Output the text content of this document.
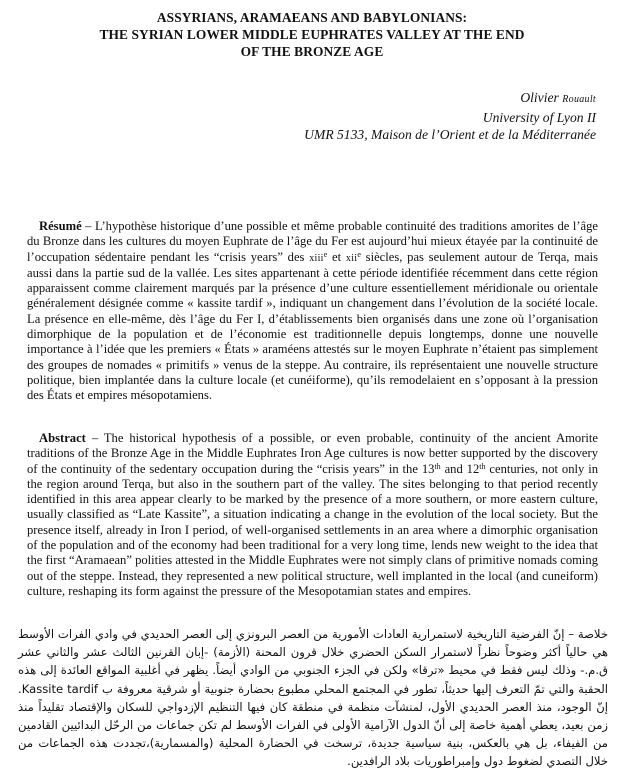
ASSYRIANS, ARAMAEANS AND BABYLONIANS:
THE SYRIAN LOWER MIDDLE EUPHRATES VALLEY AT THE END
OF THE BRONZE AGE
Olivier Rouault
University of Lyon II
UMR 5133, Maison de l’Orient et de la Méditerranée

Résumé – L’hypothèse historique d’une possible et même probable continuité des traditions amorites de l’âge du Bronze dans les cultures du moyen Euphrate de l’âge du Fer est aujourd’hui mieux étayée par la continuité de l’occupation sédentaire pendant les “crisis years” des xiii$^e$ et xii$^e$ siècles, pas seulement autour de Terqa, mais aussi dans la partie sud de la vallée. Les sites appartenant à cette période identifiée récemment dans cette région apparaissent comme clairement marqués par la présence d’une culture essentiellement méridionale ou orientale généralement désignée comme « kassite tardif », indiquant un changement dans l’évolution de la société locale. La présence en elle-même, dès l’âge du Fer I, d’établissements bien organisés dans une zone où l’organisation dimorphique de la population et de l’économie est traditionnelle depuis longtemps, donne une nouvelle importance à l’idée que les premiers « États » araméens attestés sur le moyen Euphrate n’étaient pas simplement des groupes de nomades « primitifs » venus de la steppe. Au contraire, ils représentaient une nouvelle structure politique, bien implantée dans la culture locale (et cunéiforme), qu’ils remodelaient en s’opposant à la pression des États et empires mésopotamiens.

Abstract – The historical hypothesis of a possible, or even probable, continuity of the ancient Amorite traditions of the Bronze Age in the Middle Euphrates Iron Age cultures is now better supported by the discovery of the continuity of the sedentary occupation during the “crisis years” in the 13th and 12th centuries, not only in the region around Terqa, but also in the southern part of the valley. The sites belonging to that period recently identified in this area appear clearly to be marked by the presence of a more southern, or more eastern culture, usually classified as “Late Kassite”, a situation indicating a change in the evolution of the local society. But the presence itself, already in Iron I period, of well-organised settlements in an area where a dimorphic organisation of the population and of the economy had been traditional for a very long time, lends new weight to the idea that the first “Aramaean” polities attested in the Middle Euphrates were not simply clans of primitive nomads coming out of the steppe. Instead, they represented a new political structure, well implanted in the local (and cuneiform) culture, reshaping its form against the pressure of the Mesopotamian states and empires.

خلاصة – إنّ الفرضية التاريخية لاستمرارية العادات الأمورية من العصر البرونزي إلى العصر الحديدي في وادي الفرات الأوسط هي حالياً أكثر وضوحاً نظراً لاستمرار السكن الحضري خلال قرون المحنة (الأزمة) -إبان القرنين الثالث عشر والثاني عشر ق.م.- وذلك ليس فقط في محيط «ترقا» ولكن في الجزء الجنوبي من الوادي أيضاً. يظهر في أغلبية المواقع العائدة إلى هذه الحقبة والتي تمّ التعرف إليها حديثاً، تطور في المجتمع المحلي مطبوع بحضارة جنوبية أو شرقية معروفة ب Kassite tardif. إنّ الوجود، منذ العصر الحديدي الأول، لمنشآت منظمة في منطقة كان فيها التنظيم الإزدواجي للسكان والإقتصاد تقليداً منذ زمن بعيد، يعطي أهمية خاصة إلى أنّ الدول الآرامية الأولى في الفرات الأوسط لم تكن جماعات من الرحّل البدائيين القادمين من الفيفاء، بل هي بالعكس، بنية سياسية جديدة، ترسخت في الحضارة المحلية (والمسمارية)،تجددت هذه الجماعات من خلال التصدي لضغوط دول وإمبراطوريات بلاد الرافدين.
